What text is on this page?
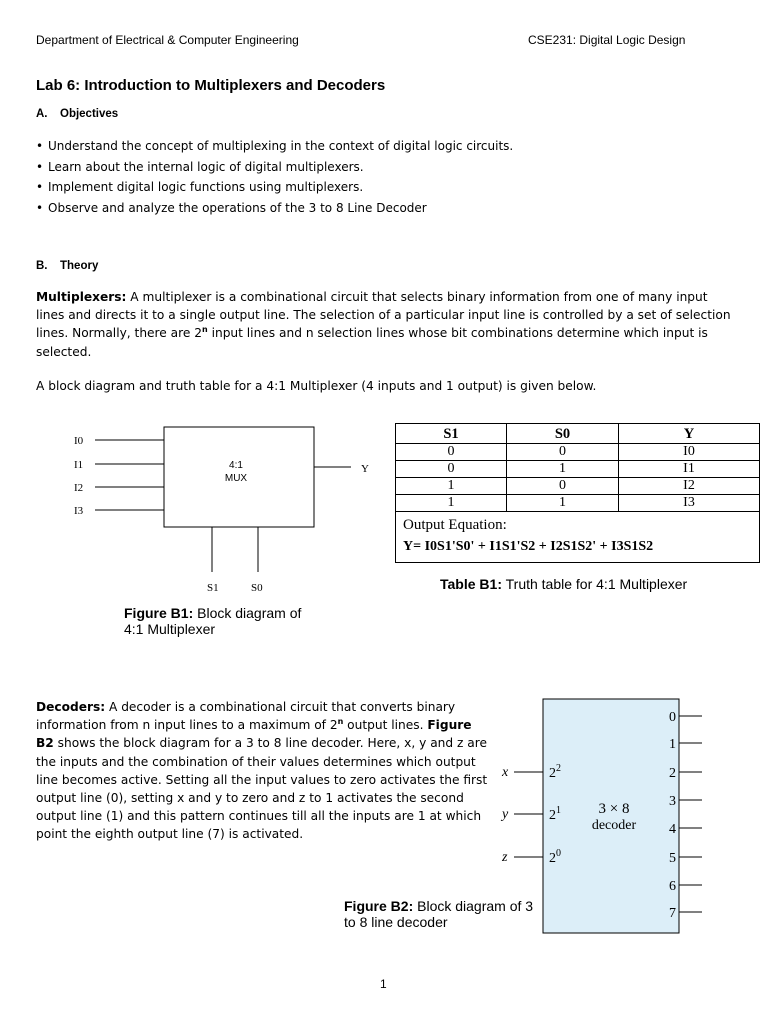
Department of Electrical & Computer Engineering	CSE231: Digital Logic Design
Lab 6: Introduction to Multiplexers and Decoders
A. Objectives
• Understand the concept of multiplexing in the context of digital logic circuits.
• Learn about the internal logic of digital multiplexers.
• Implement digital logic functions using multiplexers.
• Observe and analyze the operations of the 3 to 8 Line Decoder
B. Theory
Multiplexers: A multiplexer is a combinational circuit that selects binary information from one of many input lines and directs it to a single output line. The selection of a particular input line is controlled by a set of selection lines. Normally, there are 2$^n$ input lines and n selection lines whose bit combinations determine which input is selected.
A block diagram and truth table for a 4:1 Multiplexer (4 inputs and 1 output) is given below.
I0
I1
I2
I3
Y
S1	S0
4:1
MUX
Figure B1: Block diagram of 4:1 Multiplexer
S1	S0	Y
0	0	I0
0	1	I1
1	0	I2
1	1	I3

Output Equation:
Y= I0S1'S0' + I1S1'S2 + I2S1S2' + I3S1S2		
Table B1: Truth table for 4:1 Multiplexer
Decoders: A decoder is a combinational circuit that converts binary information from n input lines to a maximum of 2$^n$ output lines. Figure B2 shows the block diagram for a 3 to 8 line decoder. Here, x, y and z are the inputs and the combination of their values determines which output line becomes active. Setting all the input values to zero activates the first output line (0), setting x and y to zero and z to 1 activates the second output line (1) and this pattern continues till all the inputs are 1 at which point the eighth output line (7) is activated.
x
y
z
$2^2$
$2^1$
$2^0$
3 × 8
decoder
0
1
2
3
4
5
6
7
Figure B2: Block diagram of 3 to 8 line decoder
1
